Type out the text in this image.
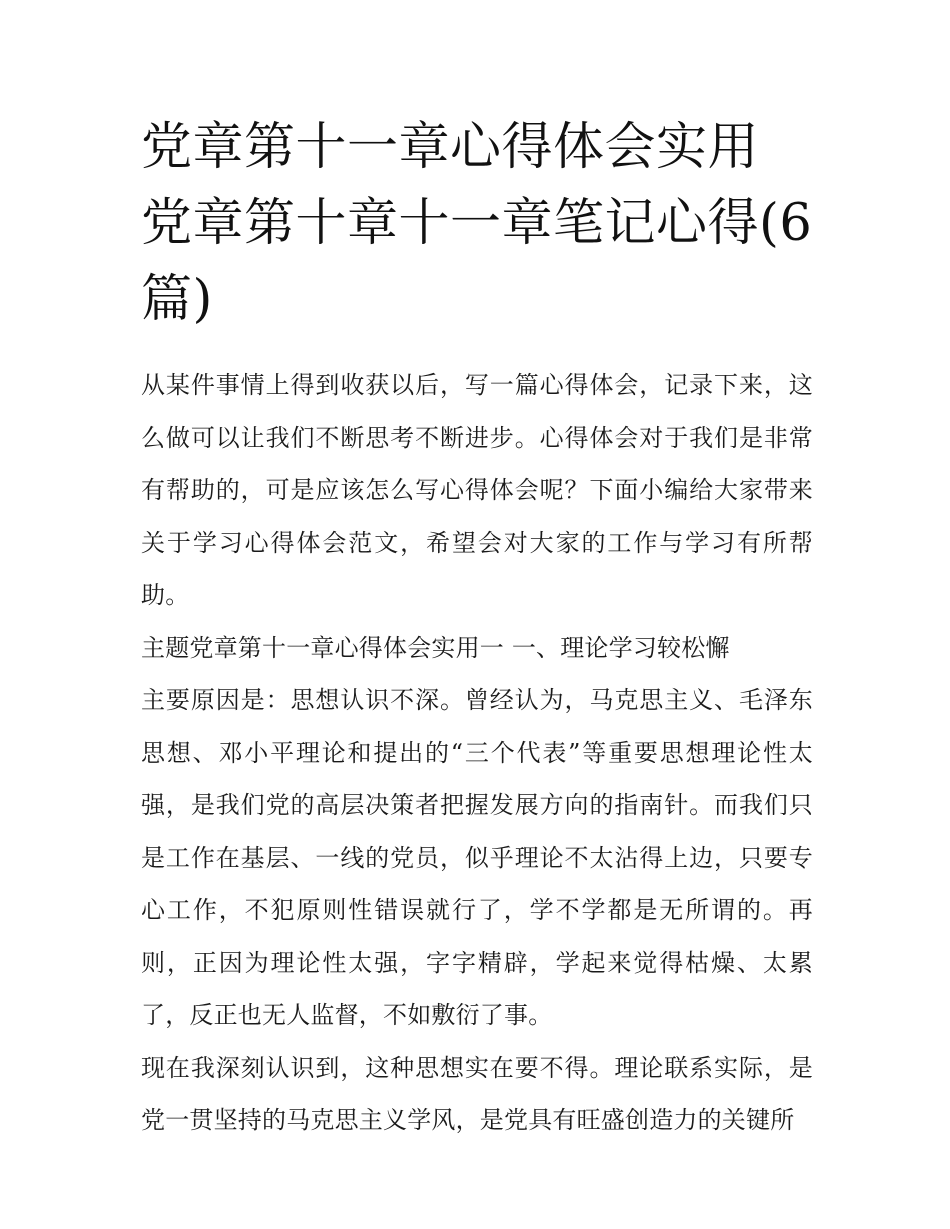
党章第十一章心得体会实用 党章第十章十一章笔记心得(6篇)

从某件事情上得到收获以后，写一篇心得体会，记录下来，这么做可以让我们不断思考不断进步。心得体会对于我们是非常有帮助的，可是应该怎么写心得体会呢？下面小编给大家带来关于学习心得体会范文，希望会对大家的工作与学习有所帮助。

主题党章第十一章心得体会实用一 一、理论学习较松懈

主要原因是：思想认识不深。曾经认为，马克思主义、毛泽东思想、邓小平理论和提出的“三个代表”等重要思想理论性太强，是我们党的高层决策者把握发展方向的指南针。而我们只是工作在基层、一线的党员，似乎理论不太沾得上边，只要专心工作，不犯原则性错误就行了，学不学都是无所谓的。再则，正因为理论性太强，字字精辟，学起来觉得枯燥、太累了，反正也无人监督，不如敷衍了事。

现在我深刻认识到，这种思想实在要不得。理论联系实际，是党一贯坚持的马克思主义学风，是党具有旺盛创造力的关键所
